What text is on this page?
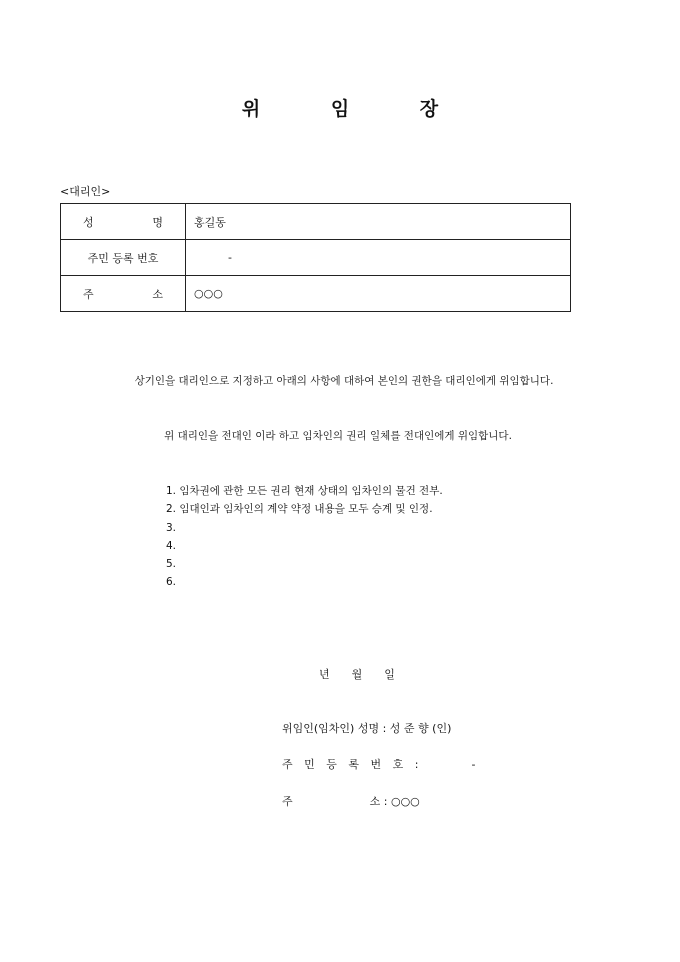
위 임 장
<대리인>
성 명	홍길동

주민 등록 번호	-

주 소	○○○
상기인을 대리인으로 지정하고 아래의 사항에 대하여 본인의 권한을 대리인에게 위임합니다.
위 대리인을 전대인 이라 하고 임차인의 권리 일체를 전대인에게 위임합니다.
1. 임차권에 관한 모든 권리 현재 상태의 임차인의 물건 전부.
2. 임대인과 임차인의 계약 약정 내용을 모두 승계 및 인정.
3.
4.
5.
6.
년 월 일
위임인(임차인) 성명 : 성 준 향 (인)
주 민 등 록 번 호 :	-
주	소 : ○○○
